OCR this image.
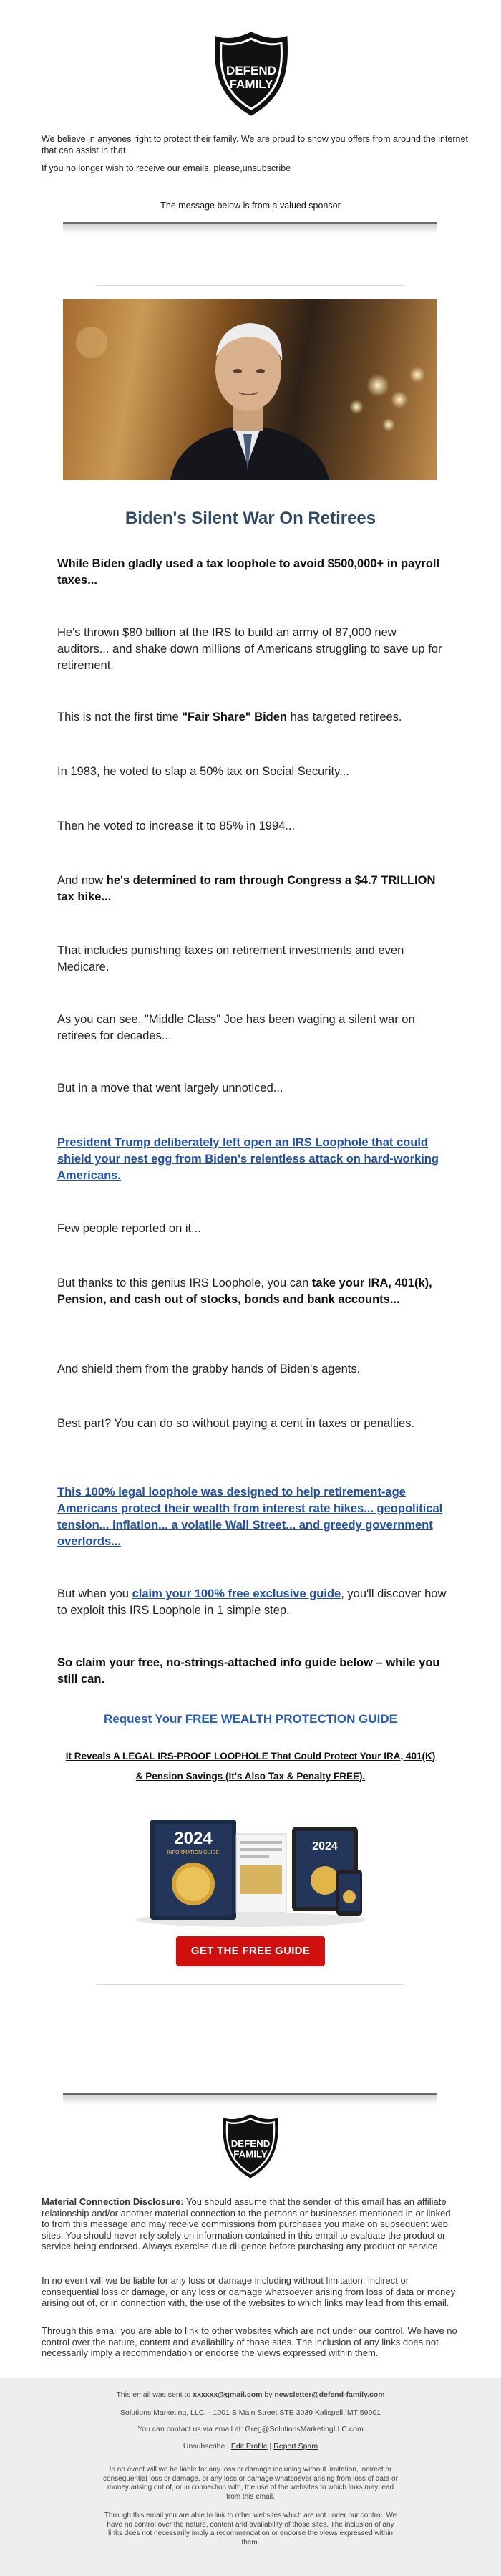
DEFEND
FAMILY
We believe in anyones right to protect their family. We are proud to show you offers from around the internet that can assist in that.
If you no longer wish to receive our emails, please,unsubscribe
The message below is from a valued sponsor
Biden's Silent War On Retirees
While Biden gladly used a tax loophole to avoid $500,000+ in payroll taxes...
He's thrown $80 billion at the IRS to build an army of 87,000 new auditors... and shake down millions of Americans struggling to save up for retirement.
This is not the first time "Fair Share" Biden has targeted retirees.
In 1983, he voted to slap a 50% tax on Social Security...
Then he voted to increase it to 85% in 1994...
And now he's determined to ram through Congress a $4.7 TRILLION tax hike...
That includes punishing taxes on retirement investments and even Medicare.
As you can see, "Middle Class" Joe has been waging a silent war on retirees for decades...
But in a move that went largely unnoticed...
President Trump deliberately left open an IRS Loophole that could shield your nest egg from Biden's relentless attack on hard-working Americans.
Few people reported on it...
But thanks to this genius IRS Loophole, you can take your IRA, 401(k), Pension, and cash out of stocks, bonds and bank accounts...
And shield them from the grabby hands of Biden's agents.
Best part? You can do so without paying a cent in taxes or penalties.
This 100% legal loophole was designed to help retirement-age Americans protect their wealth from interest rate hikes... geopolitical tension... inflation... a volatile Wall Street... and greedy government overlords...
But when you claim your 100% free exclusive guide, you'll discover how to exploit this IRS Loophole in 1 simple step.
So claim your free, no-strings-attached info guide below – while you still can.
Request Your FREE WEALTH PROTECTION GUIDE
It Reveals A LEGAL IRS-PROOF LOOPHOLE That Could Protect Your IRA, 401(K) & Pension Savings (It's Also Tax & Penalty FREE).
2024
INFORMATION GUIDE
2024
GET THE FREE GUIDE
DEFEND
FAMILY
Material Connection Disclosure: You should assume that the sender of this email has an affiliate relationship and/or another material connection to the persons or businesses mentioned in or linked to from this message and may receive commissions from purchases you make on subsequent web sites. You should never rely solely on information contained in this email to evaluate the product or service being endorsed. Always exercise due diligence before purchasing any product or service.
In no event will we be liable for any loss or damage including without limitation, indirect or consequential loss or damage, or any loss or damage whatsoever arising from loss of data or money arising out of, or in connection with, the use of the websites to which links may lead from this email.
Through this email you are able to link to other websites which are not under our control. We have no control over the nature, content and availability of those sites. The inclusion of any links does not necessarily imply a recommendation or endorse the views expressed within them.
This email was sent to xxxxxx@gmail.com by newsletter@defend-family.com
Solutions Marketing, LLC. - 1001 S Main Street STE 3039 Kalispell, MT 59901
You can contact us via email at: Greg@SolutionsMarketingLLC.com
Unsubscribe | Edit Profile | Report Spam
In no event will we be liable for any loss or damage including without limitation, indirect or consequential loss or damage, or any loss or damage whatsoever arising from loss of data or money arising out of, or in connection with, the use of the websites to which links may lead from this email.
Through this email you are able to link to other websites which are not under our control. We have no control over the nature, content and availability of those sites. The inclusion of any links does not necessarily imply a recommendation or endorse the views expressed within them.
